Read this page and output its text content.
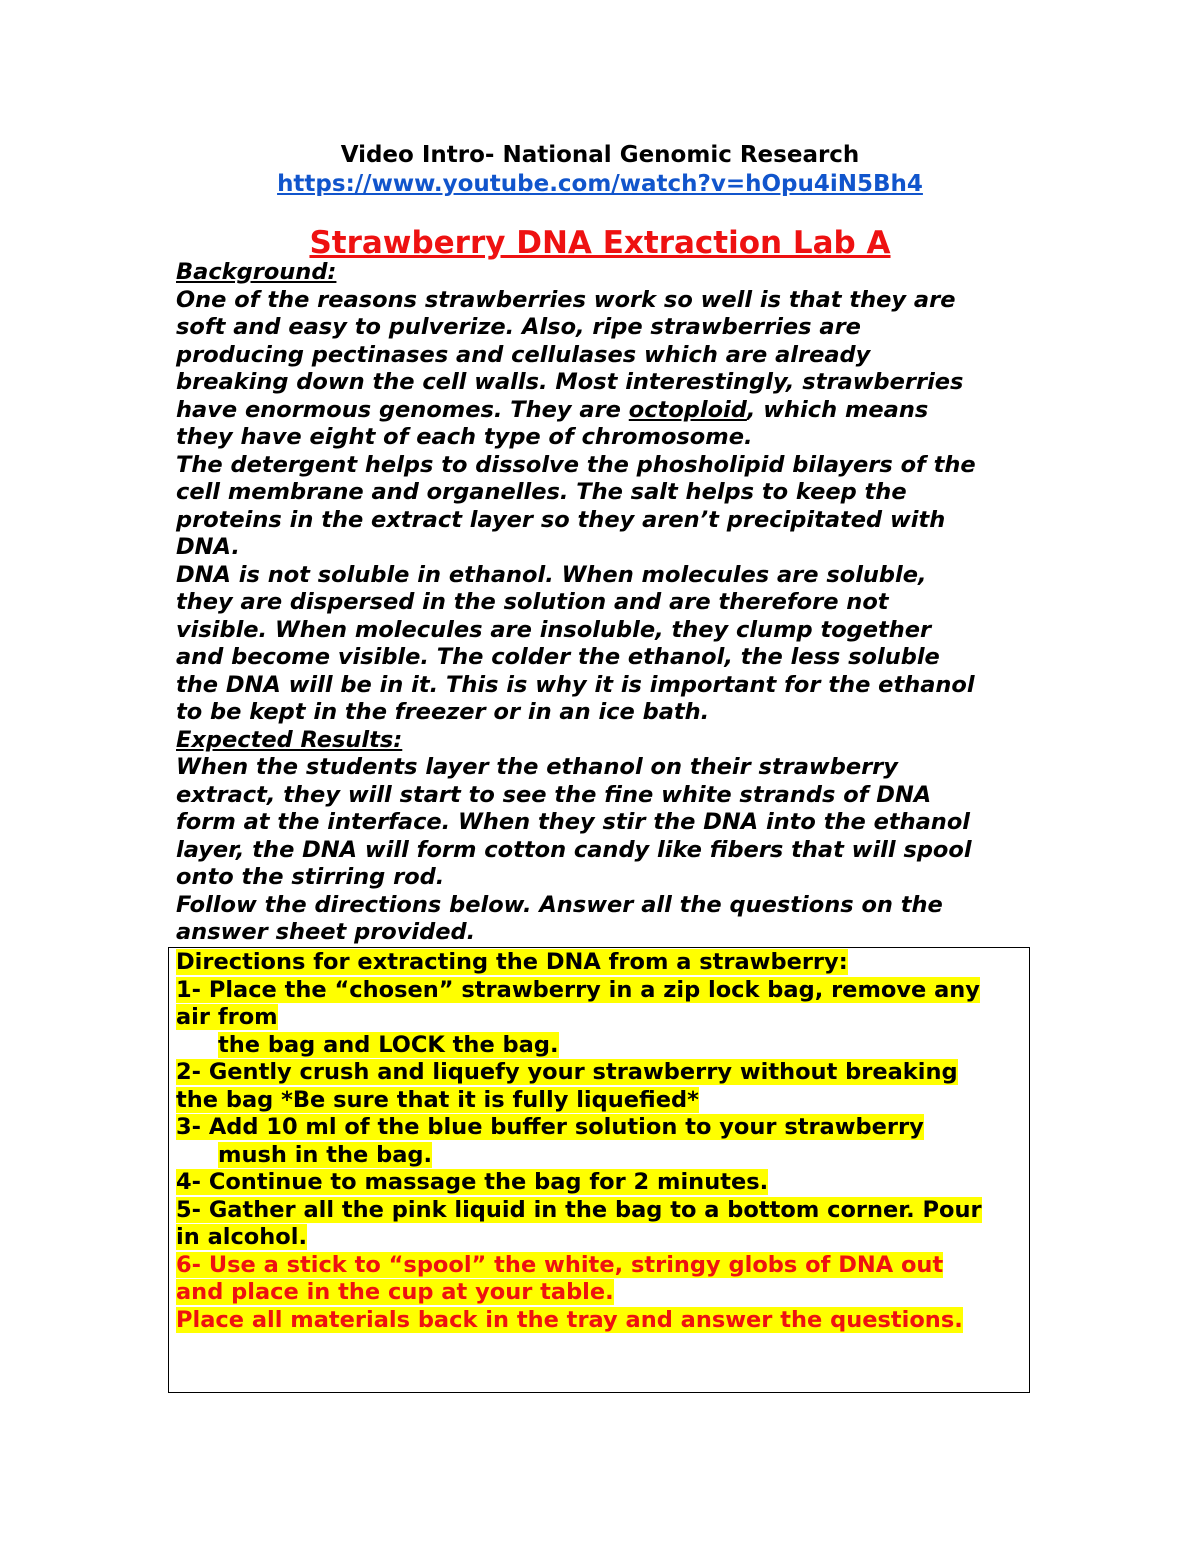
Video Intro- National Genomic Research
https://www.youtube.com/watch?v=hOpu4iN5Bh4
Strawberry DNA Extraction Lab A

Background:

One of the reasons strawberries work so well is that they are

soft and easy to pulverize. Also, ripe strawberries are

producing pectinases and cellulases which are already

breaking down the cell walls. Most interestingly, strawberries

have enormous genomes. They are octoploid, which means

they have eight of each type of chromosome.

The detergent helps to dissolve the phosholipid bilayers of the

cell membrane and organelles. The salt helps to keep the

proteins in the extract layer so they aren’t precipitated with

DNA.

DNA is not soluble in ethanol. When molecules are soluble,

they are dispersed in the solution and are therefore not

visible. When molecules are insoluble, they clump together

and become visible. The colder the ethanol, the less soluble

the DNA will be in it. This is why it is important for the ethanol

to be kept in the freezer or in an ice bath.

Expected Results:

When the students layer the ethanol on their strawberry

extract, they will start to see the fine white strands of DNA

form at the interface. When they stir the DNA into the ethanol

layer, the DNA will form cotton candy like fibers that will spool

onto the stirring rod.

Follow the directions below. Answer all the questions on the

answer sheet provided.

Directions for extracting the DNA from a strawberry:

1- Place the “chosen” strawberry in a zip lock bag, remove any

air from

the bag and LOCK the bag.

2- Gently crush and liquefy your strawberry without breaking

the bag *Be sure that it is fully liquefied*

3- Add 10 ml of the blue buffer solution to your strawberry

mush in the bag.

4- Continue to massage the bag for 2 minutes.

5- Gather all the pink liquid in the bag to a bottom corner. Pour

in alcohol.

6- Use a stick to “spool” the white, stringy globs of DNA out

and place in the cup at your table.

Place all materials back in the tray and answer the questions.
